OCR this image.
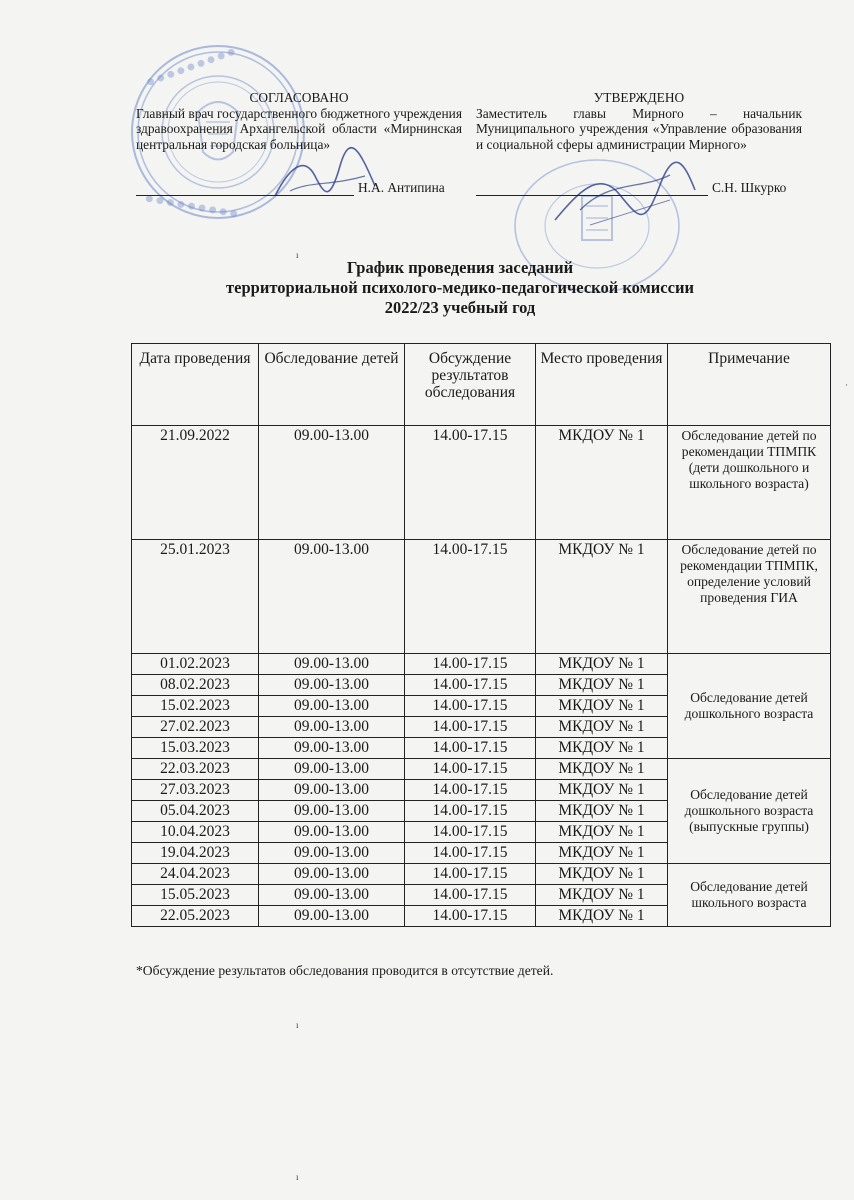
● ● ● ● ● ● ● ● ●
● ● ● ● ● ● ● ● ●
СОГЛАСОВАНО
Главный врач государственного бюджетного учреждения здравоохранения Архангельской области «Мирнинская центральная городская больница»
Н.А. Антипина
УТВЕРЖДЕНО
Заместитель главы Мирного – начальник Муниципального учреждения «Управление образования и социальной сферы администрации Мирного»
С.Н. Шкурко
График проведения заседаний
территориальной психолого-медико-педагогической комиссии
2022/23 учебный год
Дата проведения	Обследование детей	Обсуждение результатов обследования	Место проведения	Примечание
21.09.2022	09.00-13.00	14.00-17.15	МКДОУ № 1	Обследование детей по рекомендации ТПМПК (дети дошкольного и школьного возраста)
25.01.2023	09.00-13.00	14.00-17.15	МКДОУ № 1	Обследование детей по рекомендации ТПМПК, определение условий проведения ГИА
01.02.2023	09.00-13.00	14.00-17.15	МКДОУ № 1	Обследование детей дошкольного возраста
08.02.2023	09.00-13.00	14.00-17.15	МКДОУ № 1	
15.02.2023	09.00-13.00	14.00-17.15	МКДОУ № 1	
27.02.2023	09.00-13.00	14.00-17.15	МКДОУ № 1	
15.03.2023	09.00-13.00	14.00-17.15	МКДОУ № 1	
22.03.2023	09.00-13.00	14.00-17.15	МКДОУ № 1	Обследование детей дошкольного возраста (выпускные группы)
27.03.2023	09.00-13.00	14.00-17.15	МКДОУ № 1	
05.04.2023	09.00-13.00	14.00-17.15	МКДОУ № 1	
10.04.2023	09.00-13.00	14.00-17.15	МКДОУ № 1	
19.04.2023	09.00-13.00	14.00-17.15	МКДОУ № 1	
24.04.2023	09.00-13.00	14.00-17.15	МКДОУ № 1	Обследование детей школьного возраста
15.05.2023	09.00-13.00	14.00-17.15	МКДОУ № 1	
22.05.2023	09.00-13.00	14.00-17.15	МКДОУ № 1	
*Обсуждение результатов обследования проводится в отсутствие детей.
ı
ı
ı
·
